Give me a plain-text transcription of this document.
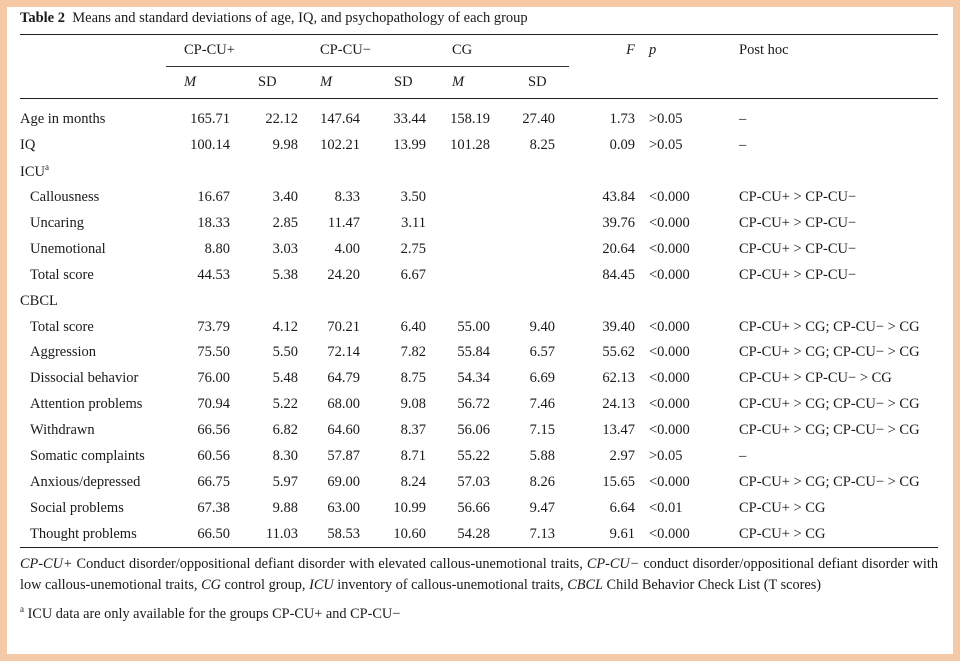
Table 2 Means and standard deviations of age, IQ, and psychopathology of each group
	CP-CU+		CP-CU−		CG		F	p	Post hoc
	M	SD	M	SD	M	SD			
Age in months	165.71	22.12	147.64	33.44	158.19	27.40	1.73	>0.05	–
IQ	100.14	9.98	102.21	13.99	101.28	8.25	0.09	>0.05	–
ICU$^a$									
Callousness	16.67	3.40	8.33	3.50			43.84	<0.000	CP-CU+ > CP-CU−
Uncaring	18.33	2.85	11.47	3.11			39.76	<0.000	CP-CU+ > CP-CU−
Unemotional	8.80	3.03	4.00	2.75			20.64	<0.000	CP-CU+ > CP-CU−
Total score	44.53	5.38	24.20	6.67			84.45	<0.000	CP-CU+ > CP-CU−
CBCL									
Total score	73.79	4.12	70.21	6.40	55.00	9.40	39.40	<0.000	CP-CU+ > CG; CP-CU− > CG
Aggression	75.50	5.50	72.14	7.82	55.84	6.57	55.62	<0.000	CP-CU+ > CG; CP-CU− > CG
Dissocial behavior	76.00	5.48	64.79	8.75	54.34	6.69	62.13	<0.000	CP-CU+ > CP-CU− > CG
Attention problems	70.94	5.22	68.00	9.08	56.72	7.46	24.13	<0.000	CP-CU+ > CG; CP-CU− > CG
Withdrawn	66.56	6.82	64.60	8.37	56.06	7.15	13.47	<0.000	CP-CU+ > CG; CP-CU− > CG
Somatic complaints	60.56	8.30	57.87	8.71	55.22	5.88	2.97	>0.05	–
Anxious/depressed	66.75	5.97	69.00	8.24	57.03	8.26	15.65	<0.000	CP-CU+ > CG; CP-CU− > CG
Social problems	67.38	9.88	63.00	10.99	56.66	9.47	6.64	<0.01	CP-CU+ > CG
Thought problems	66.50	11.03	58.53	10.60	54.28	7.13	9.61	<0.000	CP-CU+ > CG
CP-CU+ Conduct disorder/oppositional defiant disorder with elevated callous-unemotional traits, CP-CU− conduct disorder/oppositional defiant disorder with low callous-unemotional traits, CG control group, ICU inventory of callous-unemotional traits, CBCL Child Behavior Check List (T scores)
$^a$ ICU data are only available for the groups CP-CU+ and CP-CU−
